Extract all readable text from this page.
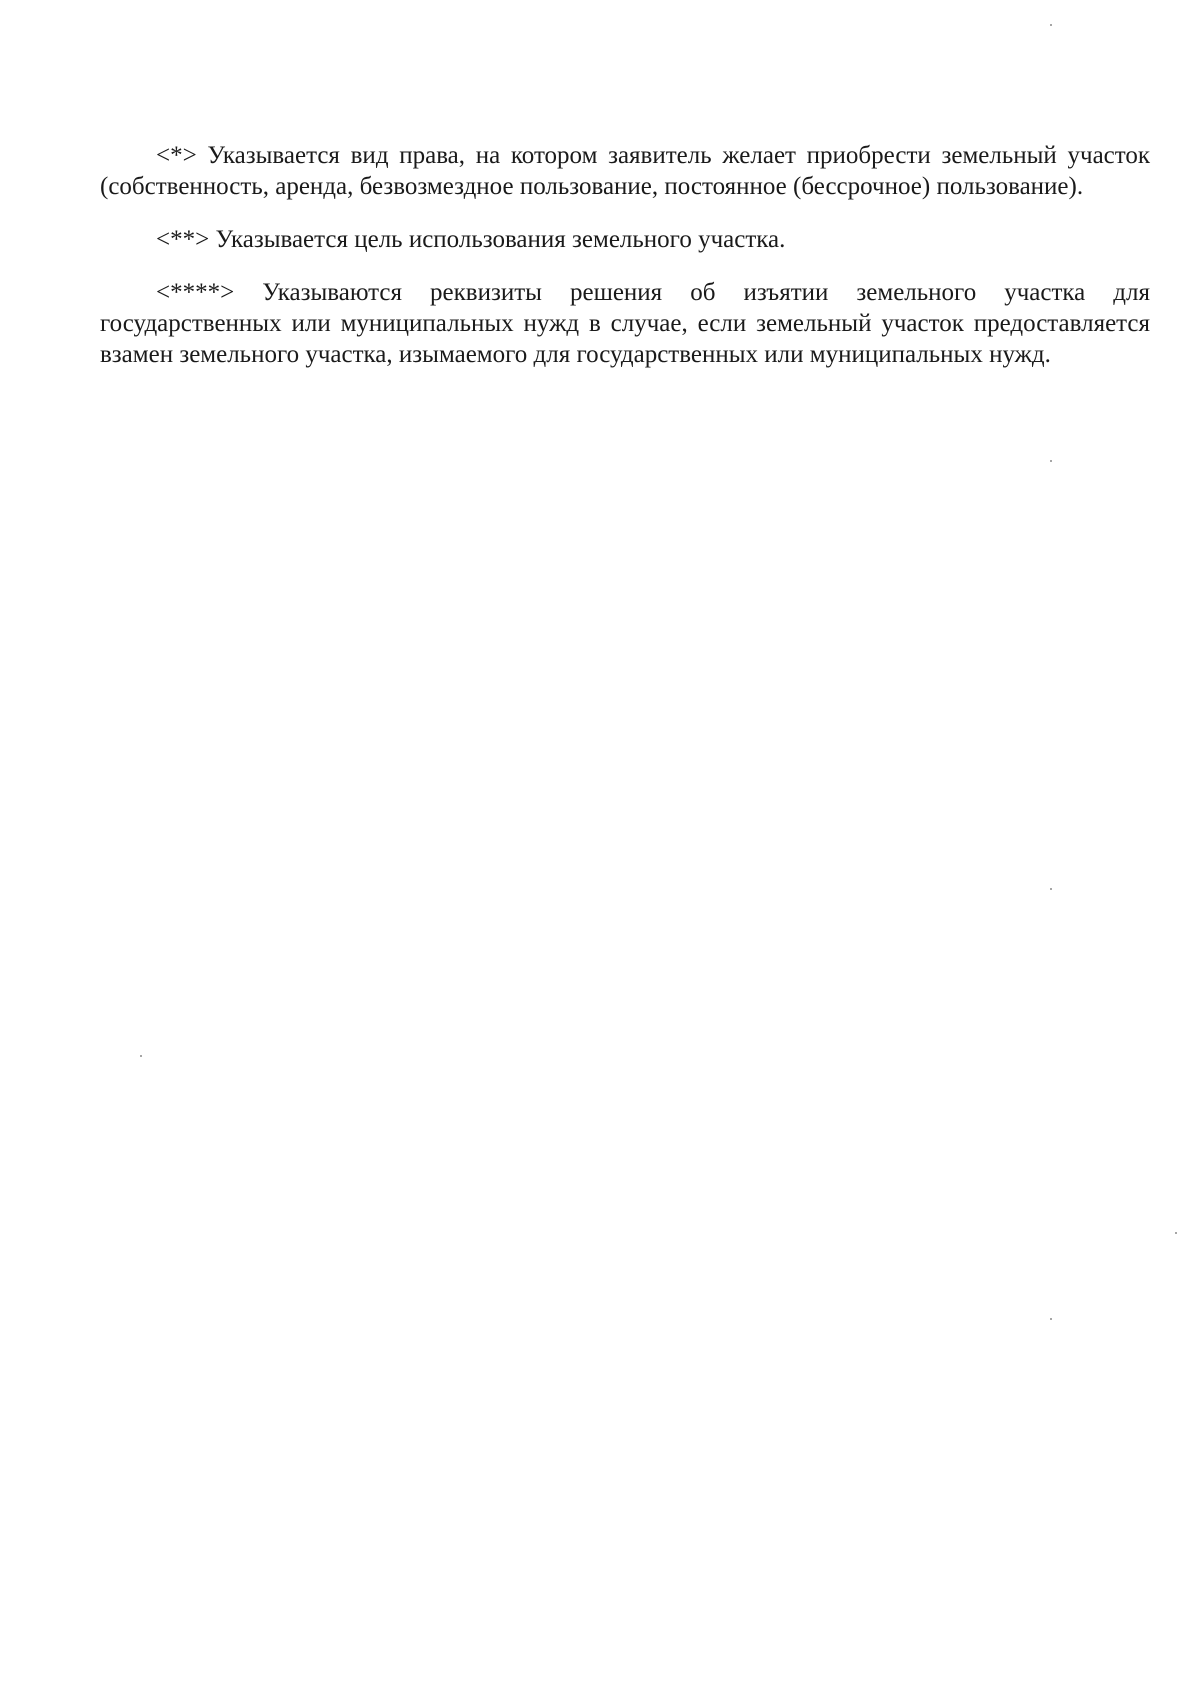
<*> Указывается вид права, на котором заявитель желает приобрести земельный участок (собственность, аренда, безвозмездное пользование, постоянное (бессрочное) пользование).

<**> Указывается цель использования земельного участка.

<****> Указываются реквизиты решения об изъятии земельного участка для государственных или муниципальных нужд в случае, если земельный участок предоставляется взамен земельного участка, изымаемого для государственных или муниципальных нужд.
